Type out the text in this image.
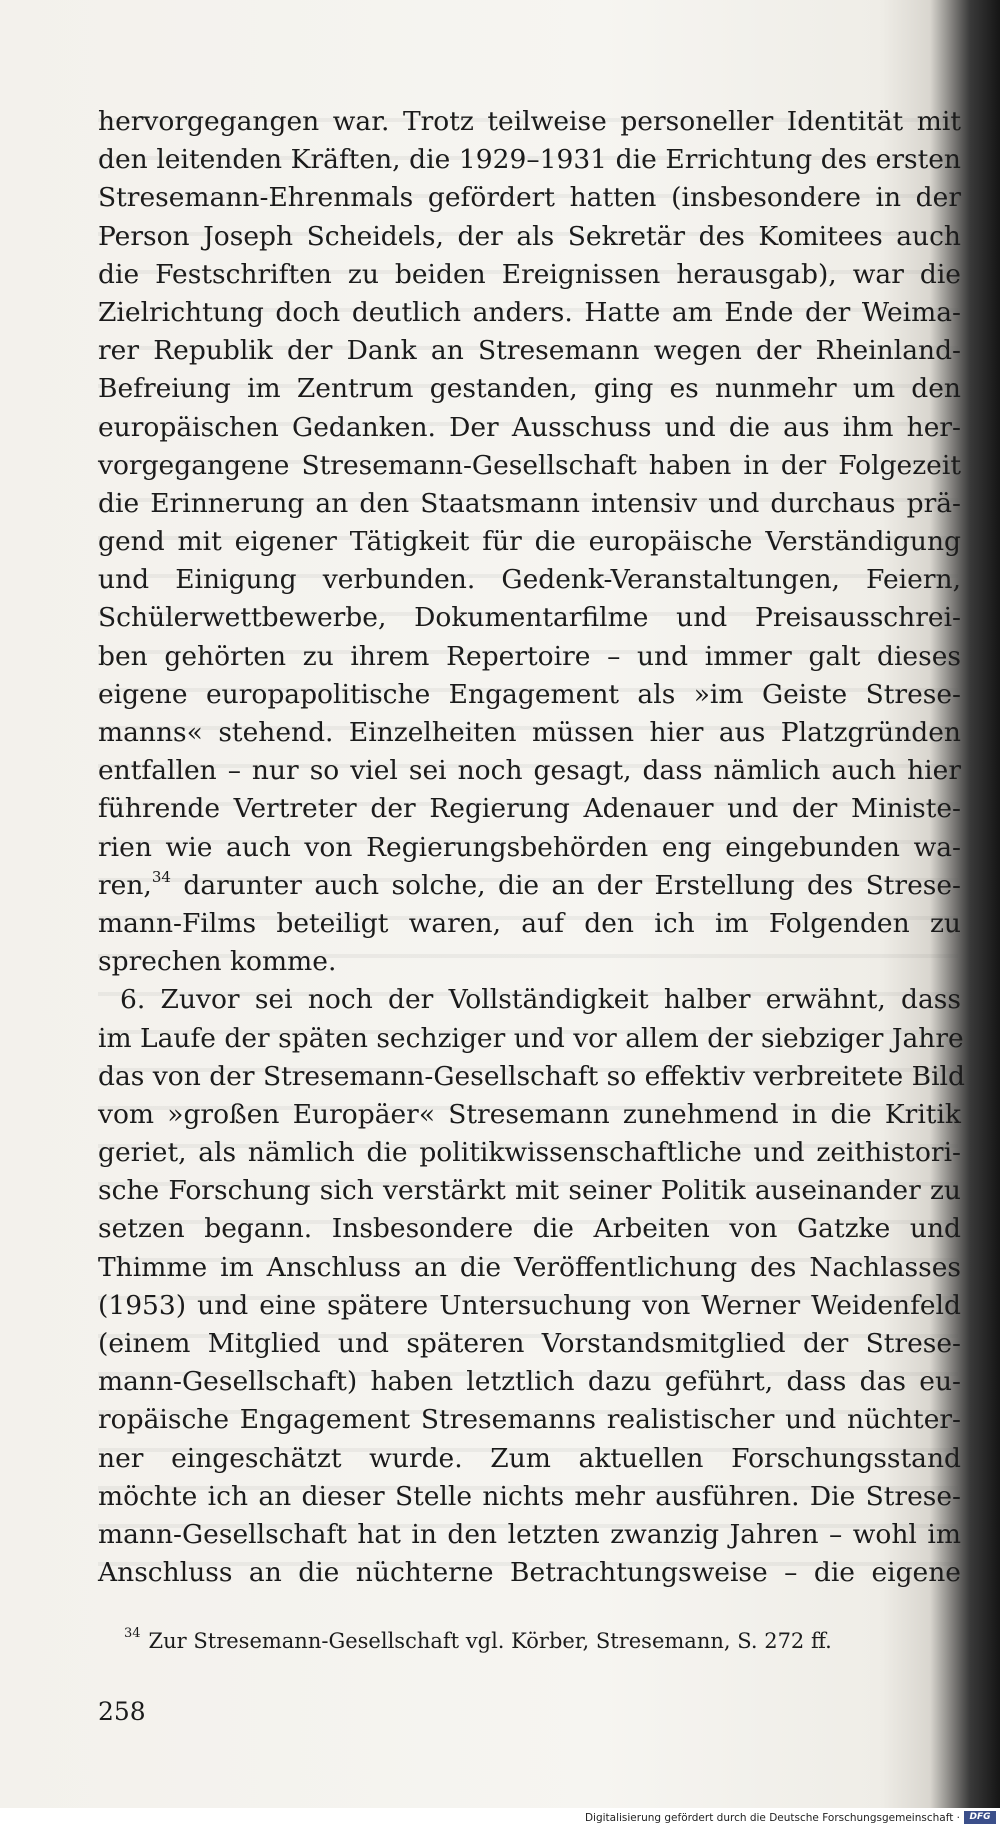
hervorgegangen war. Trotz teilweise personeller Identität mit
den leitenden Kräften, die 1929–1931 die Errichtung des ersten
Stresemann-Ehrenmals gefördert hatten (insbesondere in der
Person Joseph Scheidels, der als Sekretär des Komitees auch
die Festschriften zu beiden Ereignissen herausgab), war die
Zielrichtung doch deutlich anders. Hatte am Ende der Weima-
rer Republik der Dank an Stresemann wegen der Rheinland-
Befreiung im Zentrum gestanden, ging es nunmehr um den
europäischen Gedanken. Der Ausschuss und die aus ihm her-
vorgegangene Stresemann-Gesellschaft haben in der Folgezeit
die Erinnerung an den Staatsmann intensiv und durchaus prä-
gend mit eigener Tätigkeit für die europäische Verständigung
und Einigung verbunden. Gedenk-Veranstaltungen, Feiern,
Schülerwettbewerbe, Dokumentarfilme und Preisausschrei-
ben gehörten zu ihrem Repertoire – und immer galt dieses
eigene europapolitische Engagement als »im Geiste Strese-
manns« stehend. Einzelheiten müssen hier aus Platzgründen
entfallen – nur so viel sei noch gesagt, dass nämlich auch hier
führende Vertreter der Regierung Adenauer und der Ministe-
rien wie auch von Regierungsbehörden eng eingebunden wa-
ren,$^{34}$ darunter auch solche, die an der Erstellung des Strese-
mann-Films beteiligt waren, auf den ich im Folgenden zu
sprechen komme.
6. Zuvor sei noch der Vollständigkeit halber erwähnt, dass
im Laufe der späten sechziger und vor allem der siebziger Jahre
das von der Stresemann-Gesellschaft so effektiv verbreitete Bild
vom »großen Europäer« Stresemann zunehmend in die Kritik
geriet, als nämlich die politikwissenschaftliche und zeithistori-
sche Forschung sich verstärkt mit seiner Politik auseinander zu
setzen begann. Insbesondere die Arbeiten von Gatzke und
Thimme im Anschluss an die Veröffentlichung des Nachlasses
(1953) und eine spätere Untersuchung von Werner Weidenfeld
(einem Mitglied und späteren Vorstandsmitglied der Strese-
mann-Gesellschaft) haben letztlich dazu geführt, dass das eu-
ropäische Engagement Stresemanns realistischer und nüchter-
ner eingeschätzt wurde. Zum aktuellen Forschungsstand
möchte ich an dieser Stelle nichts mehr ausführen. Die Strese-
mann-Gesellschaft hat in den letzten zwanzig Jahren – wohl im
Anschluss an die nüchterne Betrachtungsweise – die eigene
$^{34}$ Zur Stresemann-Gesellschaft vgl. Körber, Stresemann, S. 272 ff.
258
Digitalisierung gefördert durch die Deutsche Forschungsgemeinschaft ·	DFG
